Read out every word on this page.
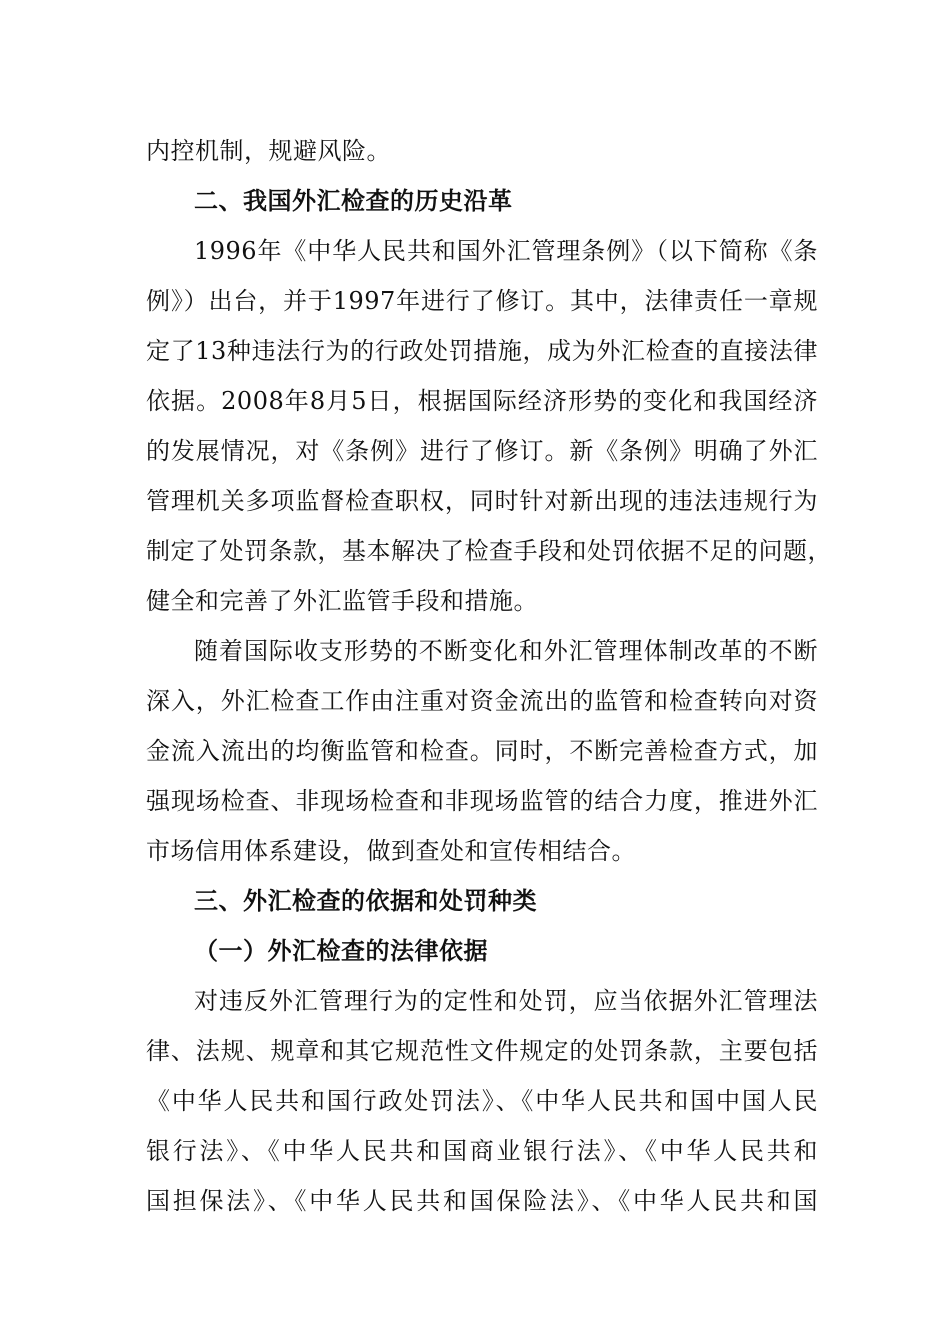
内控机制，规避风险。
二、我国外汇检查的历史沿革
1996年《中华人民共和国外汇管理条例》（以下简称《条
例》）出台，并于1997年进行了修订。其中，法律责任一章规
定了13种违法行为的行政处罚措施，成为外汇检查的直接法律
依据。2008年8月5日，根据国际经济形势的变化和我国经济
的发展情况，对《条例》进行了修订。新《条例》明确了外汇
管理机关多项监督检查职权，同时针对新出现的违法违规行为
制定了处罚条款，基本解决了检查手段和处罚依据不足的问题，
健全和完善了外汇监管手段和措施。
随着国际收支形势的不断变化和外汇管理体制改革的不断
深入，外汇检查工作由注重对资金流出的监管和检查转向对资
金流入流出的均衡监管和检查。同时，不断完善检查方式，加
强现场检查、非现场检查和非现场监管的结合力度，推进外汇
市场信用体系建设，做到查处和宣传相结合。
三、外汇检查的依据和处罚种类
（一）外汇检查的法律依据
对违反外汇管理行为的定性和处罚，应当依据外汇管理法
律、法规、规章和其它规范性文件规定的处罚条款，主要包括
《中华人民共和国行政处罚法》、《中华人民共和国中国人民
银行法》、《中华人民共和国商业银行法》、《中华人民共和
国担保法》、《中华人民共和国保险法》、《中华人民共和国
